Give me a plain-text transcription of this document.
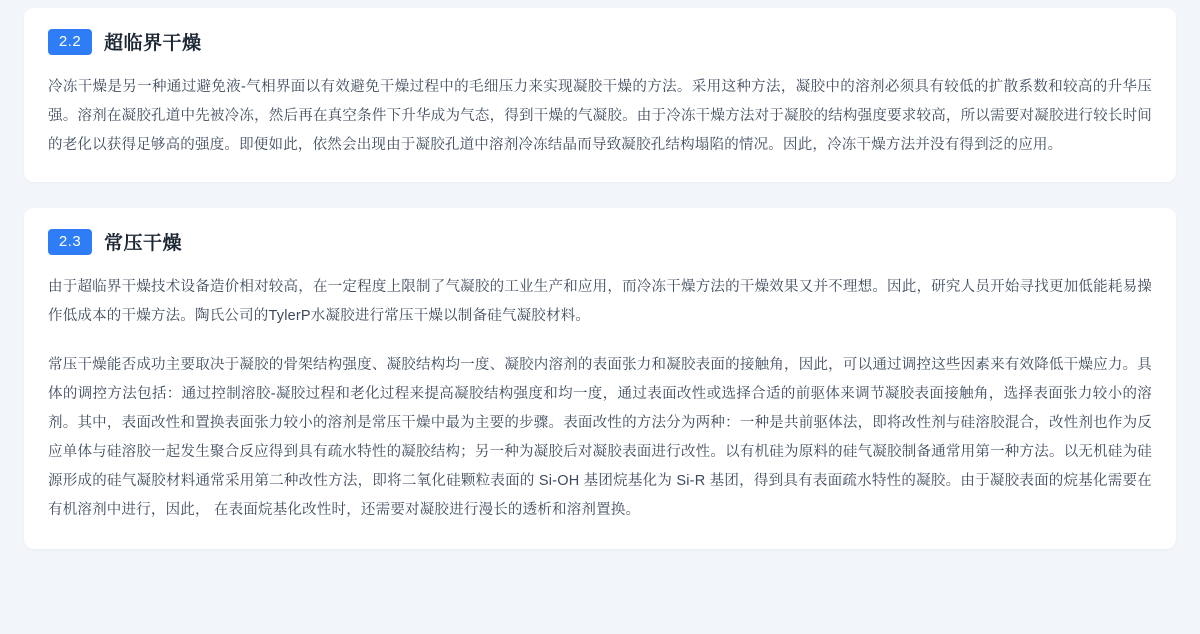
2.2	超临界干燥

冷冻干燥是另一种通过避免液-气相界面以有效避免干燥过程中的毛细压力来实现凝胶干燥的方法。采用这种方法，凝胶中的溶剂必须具有较低的扩散系数和较高的升华压强。溶剂在凝胶孔道中先被冷冻，然后再在真空条件下升华成为气态，得到干燥的气凝胶。由于冷冻干燥方法对于凝胶的结构强度要求较高，所以需要对凝胶进行较长时间的老化以获得足够高的强度。即便如此，依然会出现由于凝胶孔道中溶剂冷冻结晶而导致凝胶孔结构塌陷的情况。因此，冷冻干燥方法并没有得到泛的应用。

2.3	常压干燥

由于超临界干燥技术设备造价相对较高，在一定程度上限制了气凝胶的工业生产和应用，而冷冻干燥方法的干燥效果又并不理想。因此，研究人员开始寻找更加低能耗易操作低成本的干燥方法。陶氏公司的TylerP水凝胶进行常压干燥以制备硅气凝胶材料。

常压干燥能否成功主要取决于凝胶的骨架结构强度、凝胶结构均一度、凝胶内溶剂的表面张力和凝胶表面的接触角，因此，可以通过调控这些因素来有效降低干燥应力。具体的调控方法包括：通过控制溶胶-凝胶过程和老化过程来提高凝胶结构强度和均一度，通过表面改性或选择合适的前驱体来调节凝胶表面接触角，选择表面张力较小的溶剂。其中，表面改性和置换表面张力较小的溶剂是常压干燥中最为主要的步骤。表面改性的方法分为两种：一种是共前驱体法，即将改性剂与硅溶胶混合，改性剂也作为反应单体与硅溶胶一起发生聚合反应得到具有疏水特性的凝胶结构；另一种为凝胶后对凝胶表面进行改性。以有机硅为原料的硅气凝胶制备通常用第一种方法。以无机硅为硅源形成的硅气凝胶材料通常采用第二种改性方法，即将二氧化硅颗粒表面的 Si-OH 基团烷基化为 Si-R 基团，得到具有表面疏水特性的凝胶。由于凝胶表面的烷基化需要在有机溶剂中进行，因此， 在表面烷基化改性时，还需要对凝胶进行漫长的透析和溶剂置换。
